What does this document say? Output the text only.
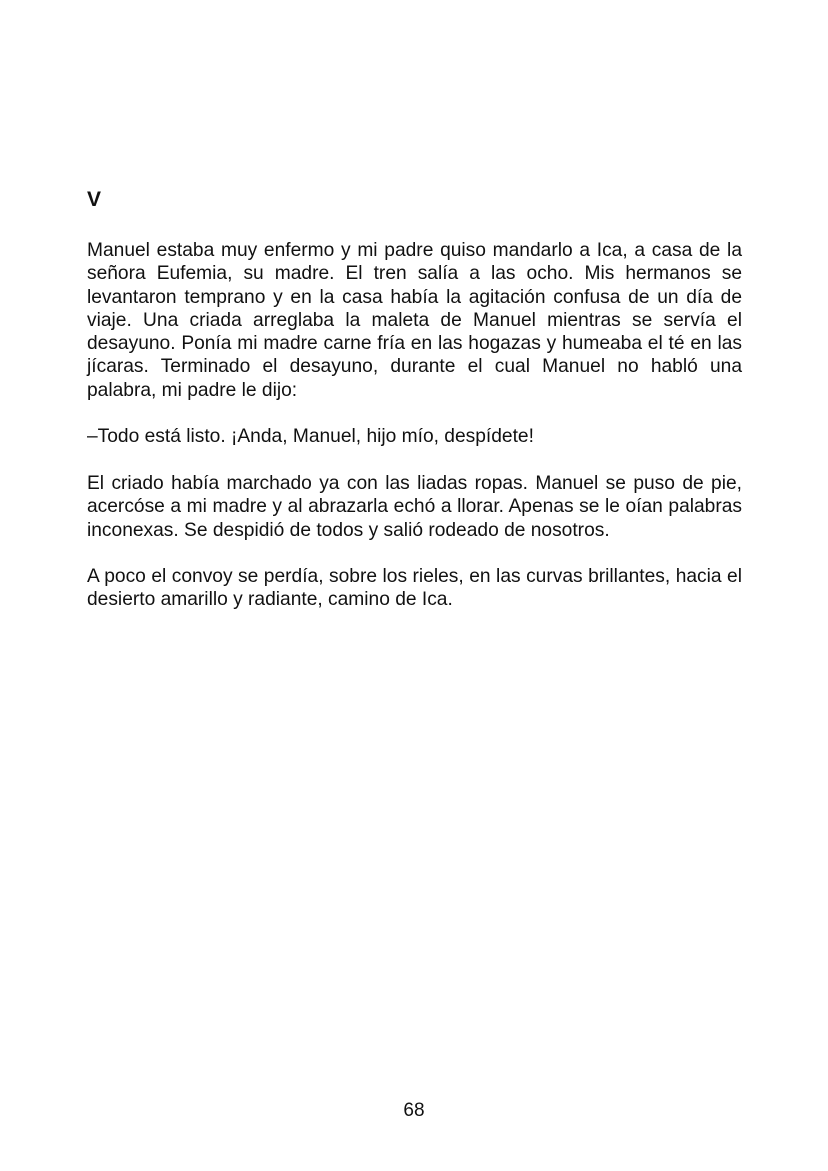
V

Manuel estaba muy enfermo y mi padre quiso mandarlo a Ica, a casa de la señora Eufemia, su madre. El tren salía a las ocho. Mis hermanos se levantaron temprano y en la casa había la agitación confusa de un día de viaje. Una criada arreglaba la maleta de Manuel mientras se servía el desayuno. Ponía mi madre carne fría en las hogazas y humeaba el té en las jícaras. Terminado el desayuno, durante el cual Manuel no habló una palabra, mi padre le dijo:

–Todo está listo. ¡Anda, Manuel, hijo mío, despídete!

El criado había marchado ya con las liadas ropas. Manuel se puso de pie, acercóse a mi madre y al abrazarla echó a llorar. Apenas se le oían palabras inconexas. Se despidió de todos y salió rodeado de nosotros.

A poco el convoy se perdía, sobre los rieles, en las curvas brillantes, hacia el desierto amarillo y radiante, camino de Ica.

68
